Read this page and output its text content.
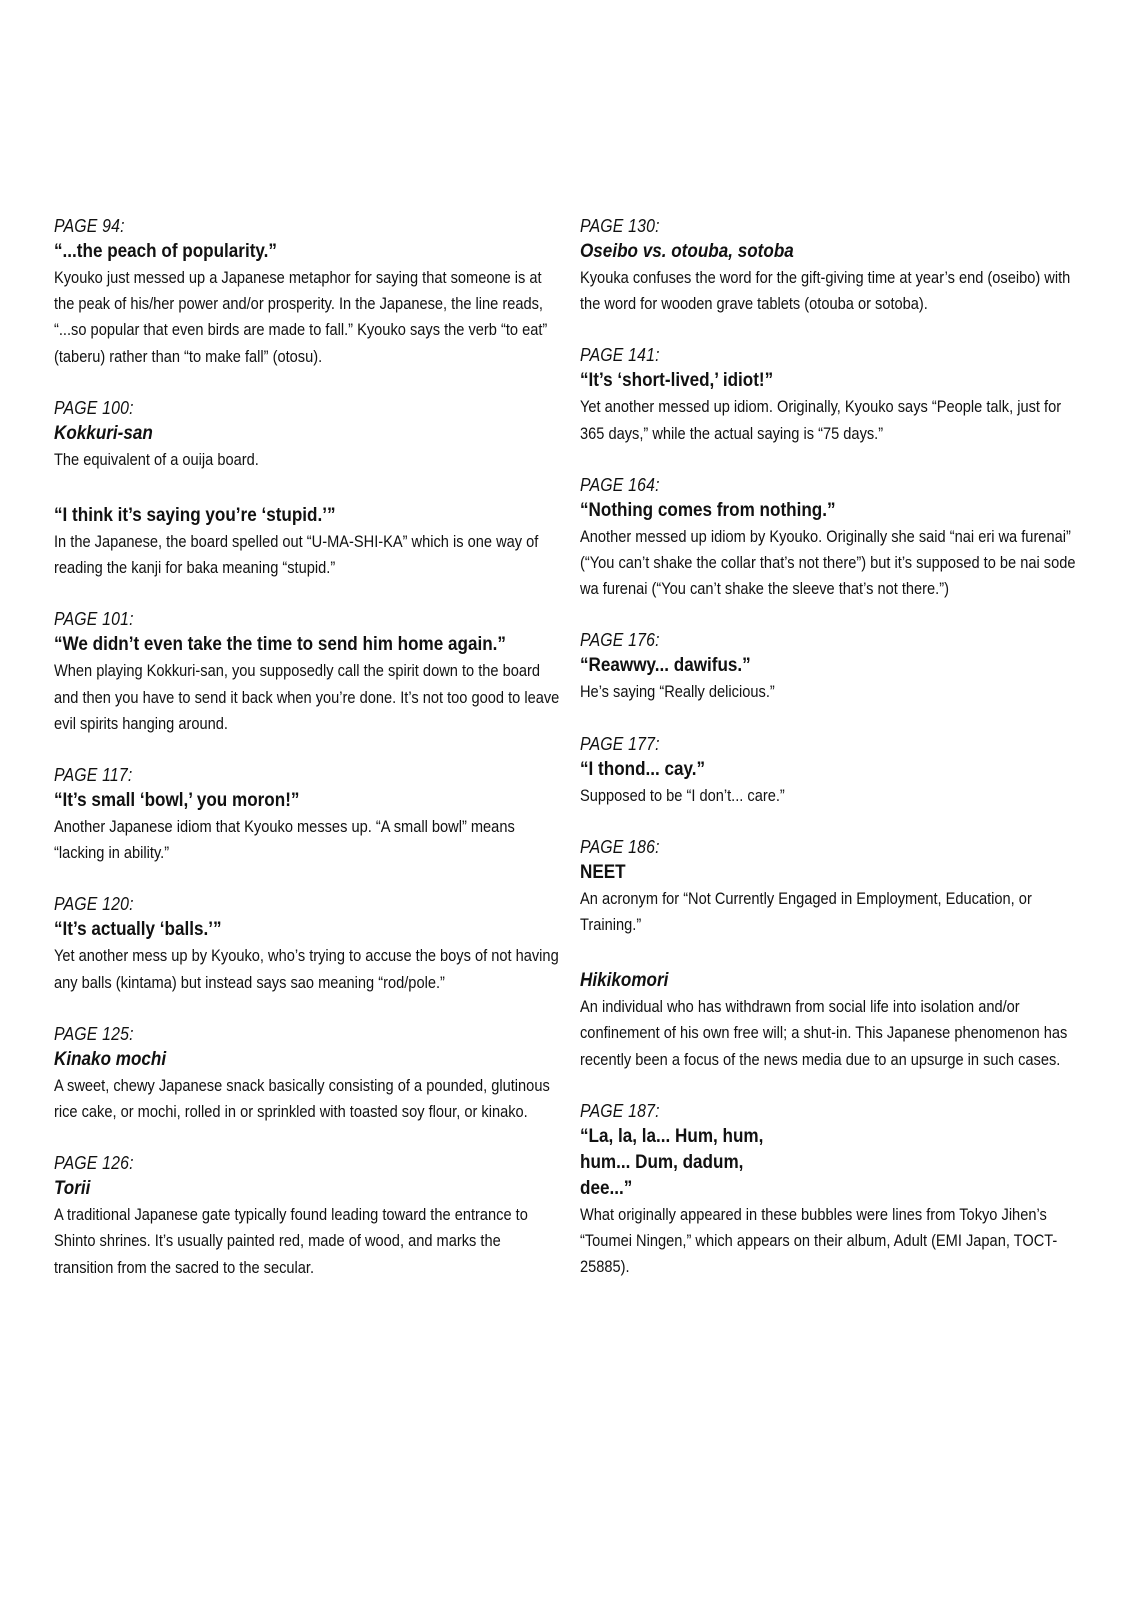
PAGE 94:
“...the peach of popularity.”
Kyouko just messed up a Japanese metaphor for saying that someone is at the peak of his/her power and/or prosperity. In the Japanese, the line reads, “...so popular that even birds are made to fall.” Kyouko says the verb “to eat” (taberu) rather than “to make fall” (otosu).
PAGE 100:
Kokkuri-san
The equivalent of a ouija board.
“I think it’s saying you’re ‘stupid.’”
In the Japanese, the board spelled out “U-MA-SHI-KA” which is one way of reading the kanji for baka meaning “stupid.”
PAGE 101:
“We didn’t even take the time to send him home again.”
When playing Kokkuri-san, you supposedly call the spirit down to the board and then you have to send it back when you’re done. It’s not too good to leave evil spirits hanging around.
PAGE 117:
“It’s small ‘bowl,’ you moron!”
Another Japanese idiom that Kyouko messes up. “A small bowl” means “lacking in ability.”
PAGE 120:
“It’s actually ‘balls.’”
Yet another mess up by Kyouko, who’s trying to accuse the boys of not having any balls (kintama) but instead says sao meaning “rod/pole.”
PAGE 125:
Kinako mochi
A sweet, chewy Japanese snack basically consisting of a pounded, glutinous rice cake, or mochi, rolled in or sprinkled with toasted soy flour, or kinako.
PAGE 126:
Torii
A traditional Japanese gate typically found leading toward the entrance to Shinto shrines. It’s usually painted red, made of wood, and marks the transition from the sacred to the secular.
PAGE 130:
Oseibo vs. otouba, sotoba
Kyouka confuses the word for the gift-giving time at year’s end (oseibo) with the word for wooden grave tablets (otouba or sotoba).
PAGE 141:
“It’s ‘short-lived,’ idiot!”
Yet another messed up idiom. Originally, Kyouko says “People talk, just for 365 days,” while the actual saying is “75 days.”
PAGE 164:
“Nothing comes from nothing.”
Another messed up idiom by Kyouko. Originally she said “nai eri wa furenai” (“You can’t shake the collar that’s not there”) but it’s supposed to be nai sode wa furenai (“You can’t shake the sleeve that’s not there.”)
PAGE 176:
“Reawwy... dawifus.”
He’s saying “Really delicious.”
PAGE 177:
“I thond... cay.”
Supposed to be “I don’t... care.”
PAGE 186:
NEET
An acronym for “Not Currently Engaged in Employment, Education, or Training.”
Hikikomori
An individual who has withdrawn from social life into isolation and/or confinement of his own free will; a shut-in. This Japanese phenomenon has recently been a focus of the news media due to an upsurge in such cases.
PAGE 187:
“La, la, la... Hum, hum, hum... Dum, dadum, dee...”
What originally appeared in these bubbles were lines from Tokyo Jihen’s “Toumei Ningen,” which appears on their album, Adult (EMI Japan, TOCT-25885).
